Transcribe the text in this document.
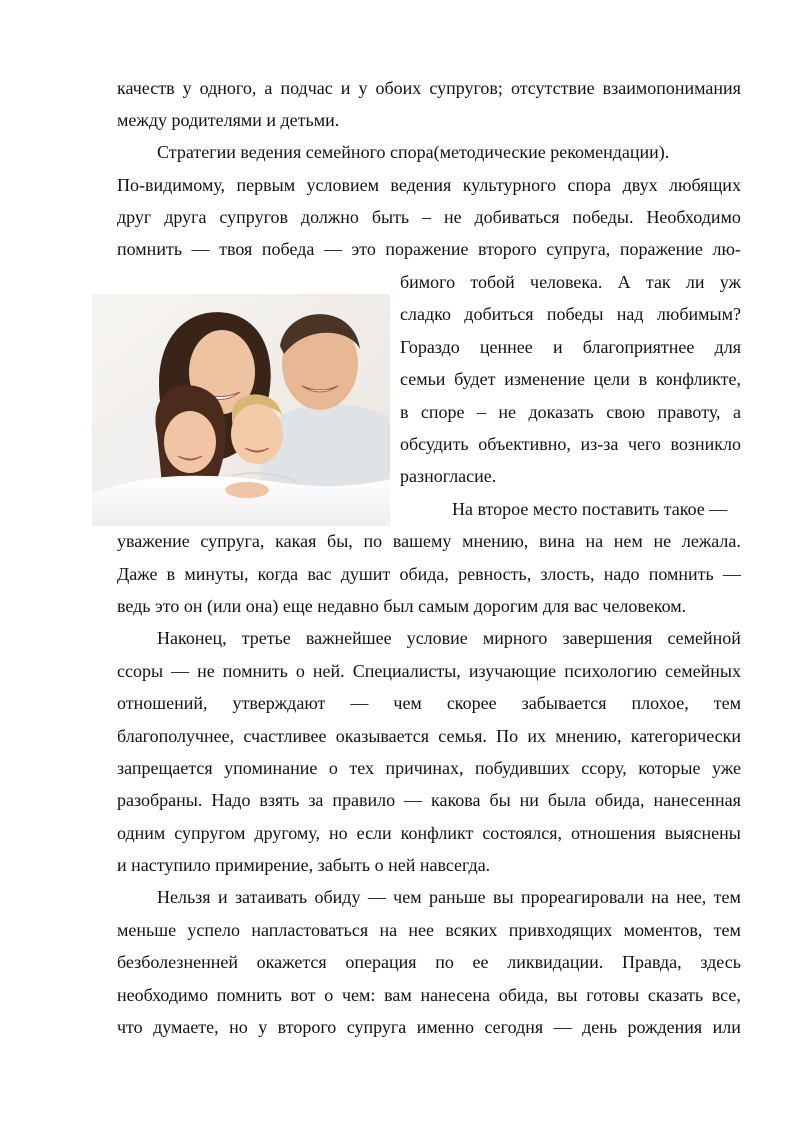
качеств у одного, а подчас и у обоих супругов; отсутствие взаимопонимания
между родителями и детьми.
Стратегии ведения семейного спора(методические рекомендации).
По-видимому, первым условием ведения культурного спора двух любящих
друг друга супругов должно быть – не добиваться победы. Необходимо
помнить — твоя победа — это поражение второго супруга, поражение лю-
бимого тобой человека. А так ли уж
сладко добиться победы над любимым?
Гораздо ценнее и благоприятнее для
семьи будет изменение цели в конфликте,
в споре – не доказать свою правоту, а
обсудить объективно, из-за чего возникло
разногласие.
На второе место поставить такое —
уважение супруга, какая бы, по вашему мнению, вина на нем не лежала.
Даже в минуты, когда вас душит обида, ревность, злость, надо помнить —
ведь это он (или она) еще недавно был самым дорогим для вас человеком.
Наконец, третье важнейшее условие мирного завершения семейной
ссоры — не помнить о ней. Специалисты, изучающие психологию семейных
отношений, утверждают — чем скорее забывается плохое, тем
благополучнее, счастливее оказывается семья. По их мнению, категорически
запрещается упоминание о тех причинах, побудивших ссору, которые уже
разобраны. Надо взять за правило — какова бы ни была обида, нанесенная
одним супругом другому, но если конфликт состоялся, отношения выяснены
и наступило примирение, забыть о ней навсегда.
Нельзя и затаивать обиду — чем раньше вы прореагировали на нее, тем
меньше успело напластоваться на нее всяких привходящих моментов, тем
безболезненней окажется операция по ее ликвидации. Правда, здесь
необходимо помнить вот о чем: вам нанесена обида, вы готовы сказать все,
что думаете, но у второго супруга именно сегодня — день рождения или
